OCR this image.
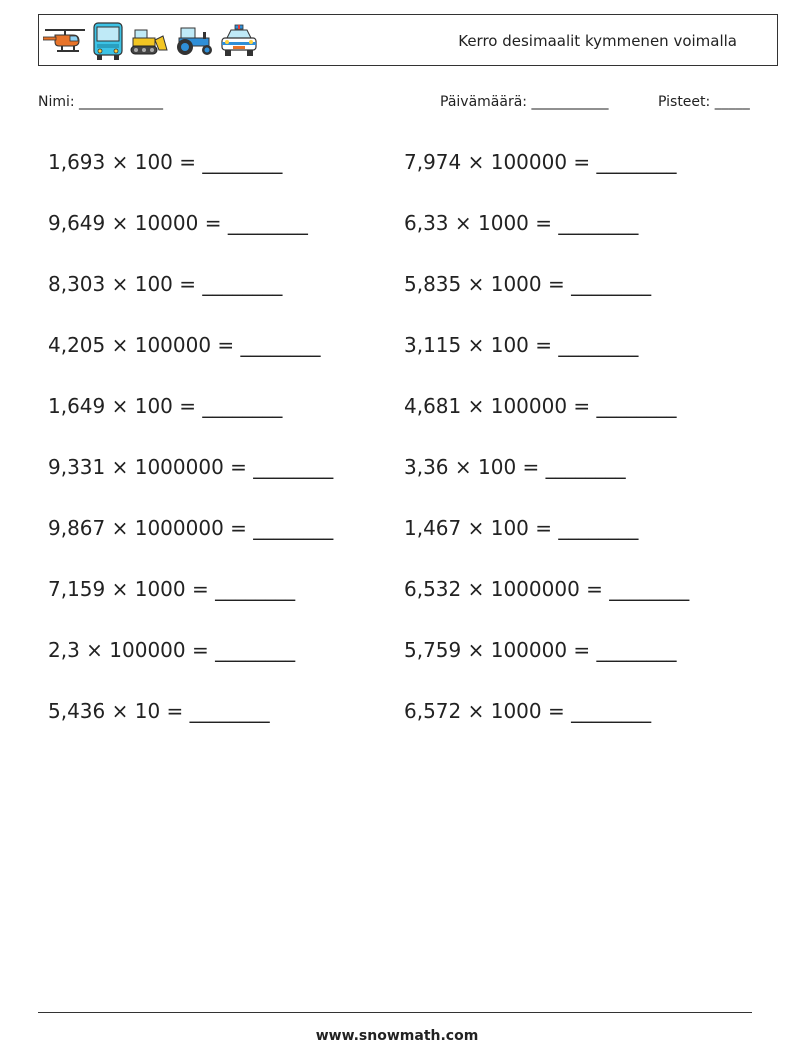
Kerro desimaalit kymmenen voimalla
Nimi: ____________	Päivämäärä: ___________	Pisteet: _____
1,693 × 100 = ________
9,649 × 10000 = ________
8,303 × 100 = ________
4,205 × 100000 = ________
1,649 × 100 = ________
9,331 × 1000000 = ________
9,867 × 1000000 = ________
7,159 × 1000 = ________
2,3 × 100000 = ________
5,436 × 10 = ________
7,974 × 100000 = ________
6,33 × 1000 = ________
5,835 × 1000 = ________
3,115 × 100 = ________
4,681 × 100000 = ________
3,36 × 100 = ________
1,467 × 100 = ________
6,532 × 1000000 = ________
5,759 × 100000 = ________
6,572 × 1000 = ________
www.snowmath.com
